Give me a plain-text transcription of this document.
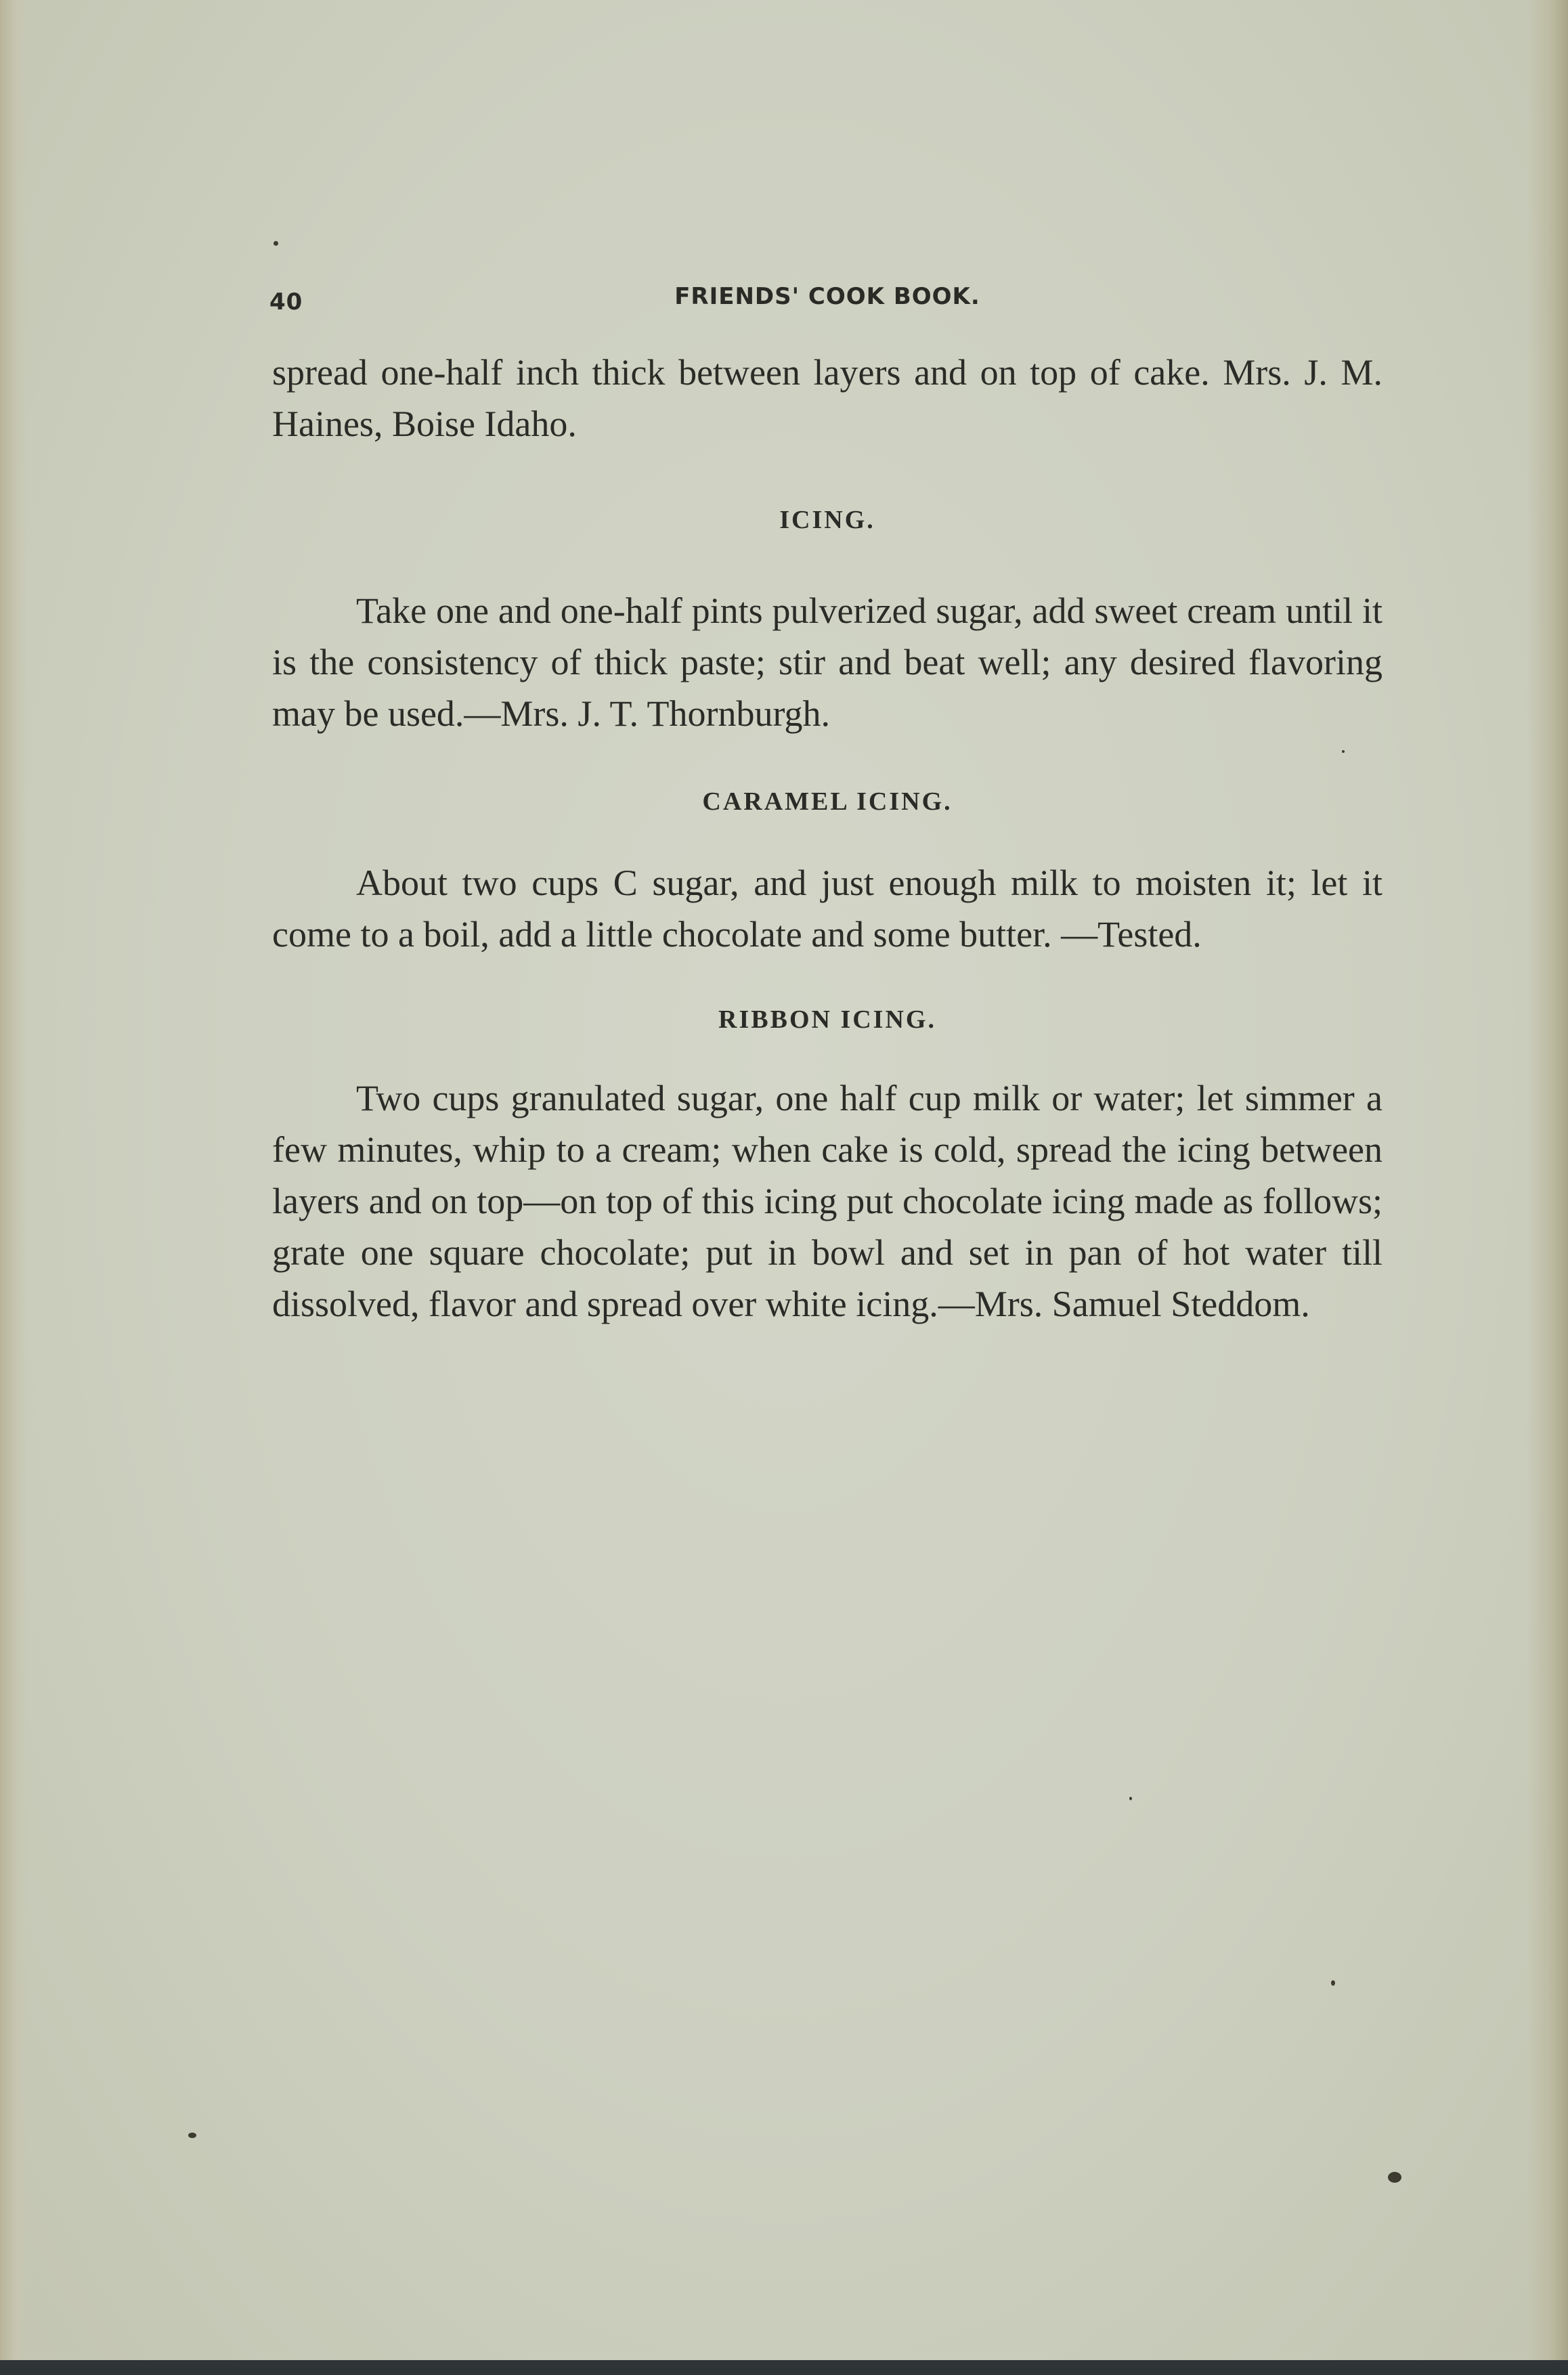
40	FRIENDS' COOK BOOK.

spread one-half inch thick between layers and on top of cake. Mrs. J. M. Haines, Boise Idaho.

ICING.

Take one and one-half pints pulverized sugar, add sweet cream until it is the consistency of thick paste; stir and beat well; any desired flavoring may be used.—Mrs. J. T. Thornburgh.

CARAMEL ICING.

About two cups C sugar, and just enough milk to moisten it; let it come to a boil, add a little chocolate and some butter. —Tested.

RIBBON ICING.

Two cups granulated sugar, one half cup milk or water; let simmer a few minutes, whip to a cream; when cake is cold, spread the icing between layers and on top—on top of this icing put chocolate icing made as follows; grate one square chocolate; put in bowl and set in pan of hot water till dissolved, flavor and spread over white icing.—Mrs. Samuel Steddom.
